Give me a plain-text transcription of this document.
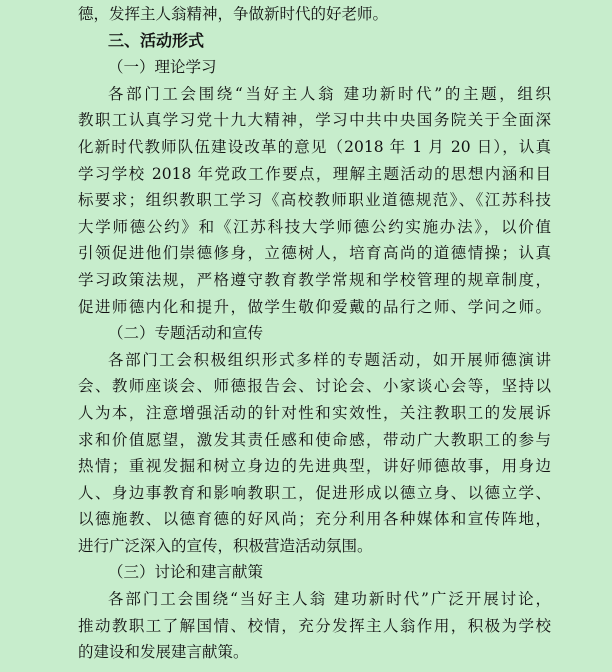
德，发挥主人翁精神，争做新时代的好老师。
三、活动形式
（一）理论学习
各部门工会围绕“当好主人翁 建功新时代”的主题，组织
教职工认真学习党十九大精神，学习中共中央国务院关于全面深
化新时代教师队伍建设改革的意见（2018 年 1 月 20 日），认真
学习学校 2018 年党政工作要点，理解主题活动的思想内涵和目
标要求；组织教职工学习《高校教师职业道德规范》、《江苏科技
大学师德公约》和《江苏科技大学师德公约实施办法》，以价值
引领促进他们崇德修身，立德树人，培育高尚的道德情操；认真
学习政策法规，严格遵守教育教学常规和学校管理的规章制度，
促进师德内化和提升，做学生敬仰爱戴的品行之师、学问之师。
（二）专题活动和宣传
各部门工会积极组织形式多样的专题活动，如开展师德演讲
会、教师座谈会、师德报告会、讨论会、小家谈心会等，坚持以
人为本，注意增强活动的针对性和实效性，关注教职工的发展诉
求和价值愿望，激发其责任感和使命感，带动广大教职工的参与
热情；重视发掘和树立身边的先进典型，讲好师德故事，用身边
人、身边事教育和影响教职工，促进形成以德立身、以德立学、
以德施教、以德育德的好风尚；充分利用各种媒体和宣传阵地，
进行广泛深入的宣传，积极营造活动氛围。
（三）讨论和建言献策
各部门工会围绕“当好主人翁 建功新时代”广泛开展讨论，
推动教职工了解国情、校情，充分发挥主人翁作用，积极为学校
的建设和发展建言献策。
